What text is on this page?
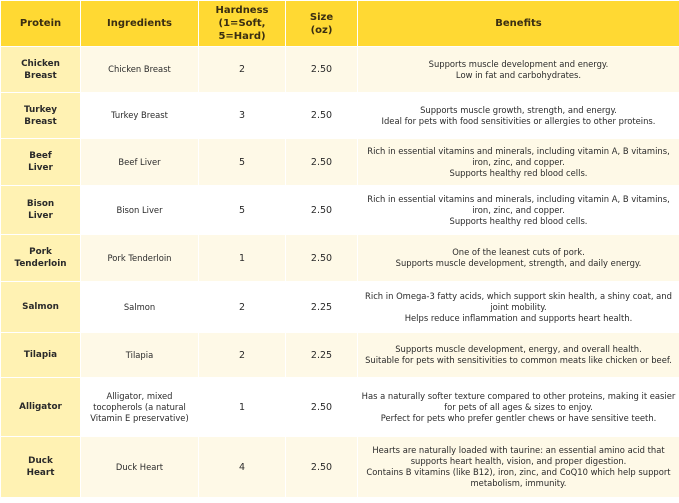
Protein	Ingredients	Hardness
(1=Soft, 5=Hard)	Size
(oz)	Benefits

Chicken
Breast	Chicken Breast	2	2.50	Supports muscle development and energy.
Low in fat and carbohydrates.

Turkey
Breast	Turkey Breast	3	2.50	Supports muscle growth, strength, and energy.
Ideal for pets with food sensitivities or allergies to other proteins.

Beef
Liver	Beef Liver	5	2.50	Rich in essential vitamins and minerals, including vitamin A, B vitamins,
iron, zinc, and copper.
Supports healthy red blood cells.

Bison
Liver	Bison Liver	5	2.50	Rich in essential vitamins and minerals, including vitamin A, B vitamins,
iron, zinc, and copper.
Supports healthy red blood cells.

Pork
Tenderloin	Pork Tenderloin	1	2.50	One of the leanest cuts of pork.
Supports muscle development, strength, and daily energy.

Salmon	Salmon	2	2.25	Rich in Omega-3 fatty acids, which support skin health, a shiny coat, and
joint mobility.
Helps reduce inflammation and supports heart health.

Tilapia	Tilapia	2	2.25	Supports muscle development, energy, and overall health.
Suitable for pets with sensitivities to common meats like chicken or beef.

Alligator	Alligator, mixed
tocopherols (a natural
Vitamin E preservative)	1	2.50	Has a naturally softer texture compared to other proteins, making it easier
for pets of all ages & sizes to enjoy.
Perfect for pets who prefer gentler chews or have sensitive teeth.

Duck
Heart	Duck Heart	4	2.50	Hearts are naturally loaded with taurine: an essential amino acid that
supports heart health, vision, and proper digestion.
Contains B vitamins (like B12), iron, zinc, and CoQ10 which help support
metabolism, immunity.
